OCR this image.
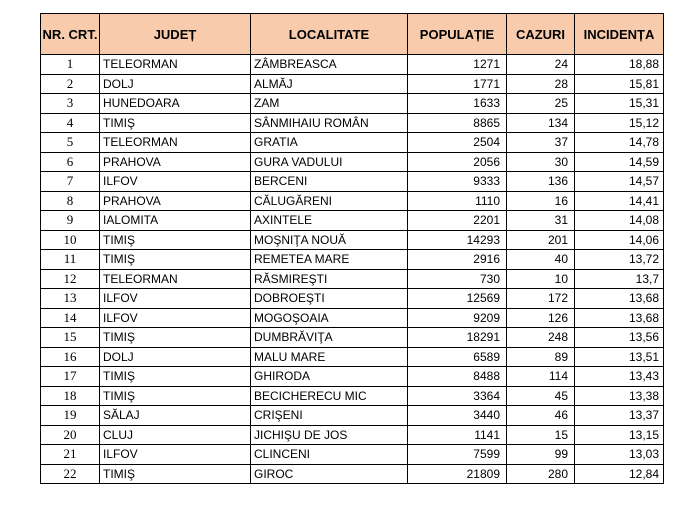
NR. CRT.	JUDEȚ	LOCALITATE	POPULAȚIE	CAZURI	INCIDENȚA
1	TELEORMAN	ZÂMBREASCA	1271	24	18,88
2	DOLJ	ALMĂJ	1771	28	15,81
3	HUNEDOARA	ZAM	1633	25	15,31
4	TIMIŞ	SÂNMIHAIU ROMÂN	8865	134	15,12
5	TELEORMAN	GRATIA	2504	37	14,78
6	PRAHOVA	GURA VADULUI	2056	30	14,59
7	ILFOV	BERCENI	9333	136	14,57
8	PRAHOVA	CĂLUGĂRENI	1110	16	14,41
9	IALOMITA	AXINTELE	2201	31	14,08
10	TIMIŞ	MOŞNIŢA NOUĂ	14293	201	14,06
11	TIMIŞ	REMETEA MARE	2916	40	13,72
12	TELEORMAN	RĂSMIREŞTI	730	10	13,7
13	ILFOV	DOBROEŞTI	12569	172	13,68
14	ILFOV	MOGOŞOAIA	9209	126	13,68
15	TIMIŞ	DUMBRĂVIŢA	18291	248	13,56
16	DOLJ	MALU MARE	6589	89	13,51
17	TIMIŞ	GHIRODA	8488	114	13,43
18	TIMIŞ	BECICHERECU MIC	3364	45	13,38
19	SĂLAJ	CRIŞENI	3440	46	13,37
20	CLUJ	JICHIŞU DE JOS	1141	15	13,15
21	ILFOV	CLINCENI	7599	99	13,03
22	TIMIŞ	GIROC	21809	280	12,84
